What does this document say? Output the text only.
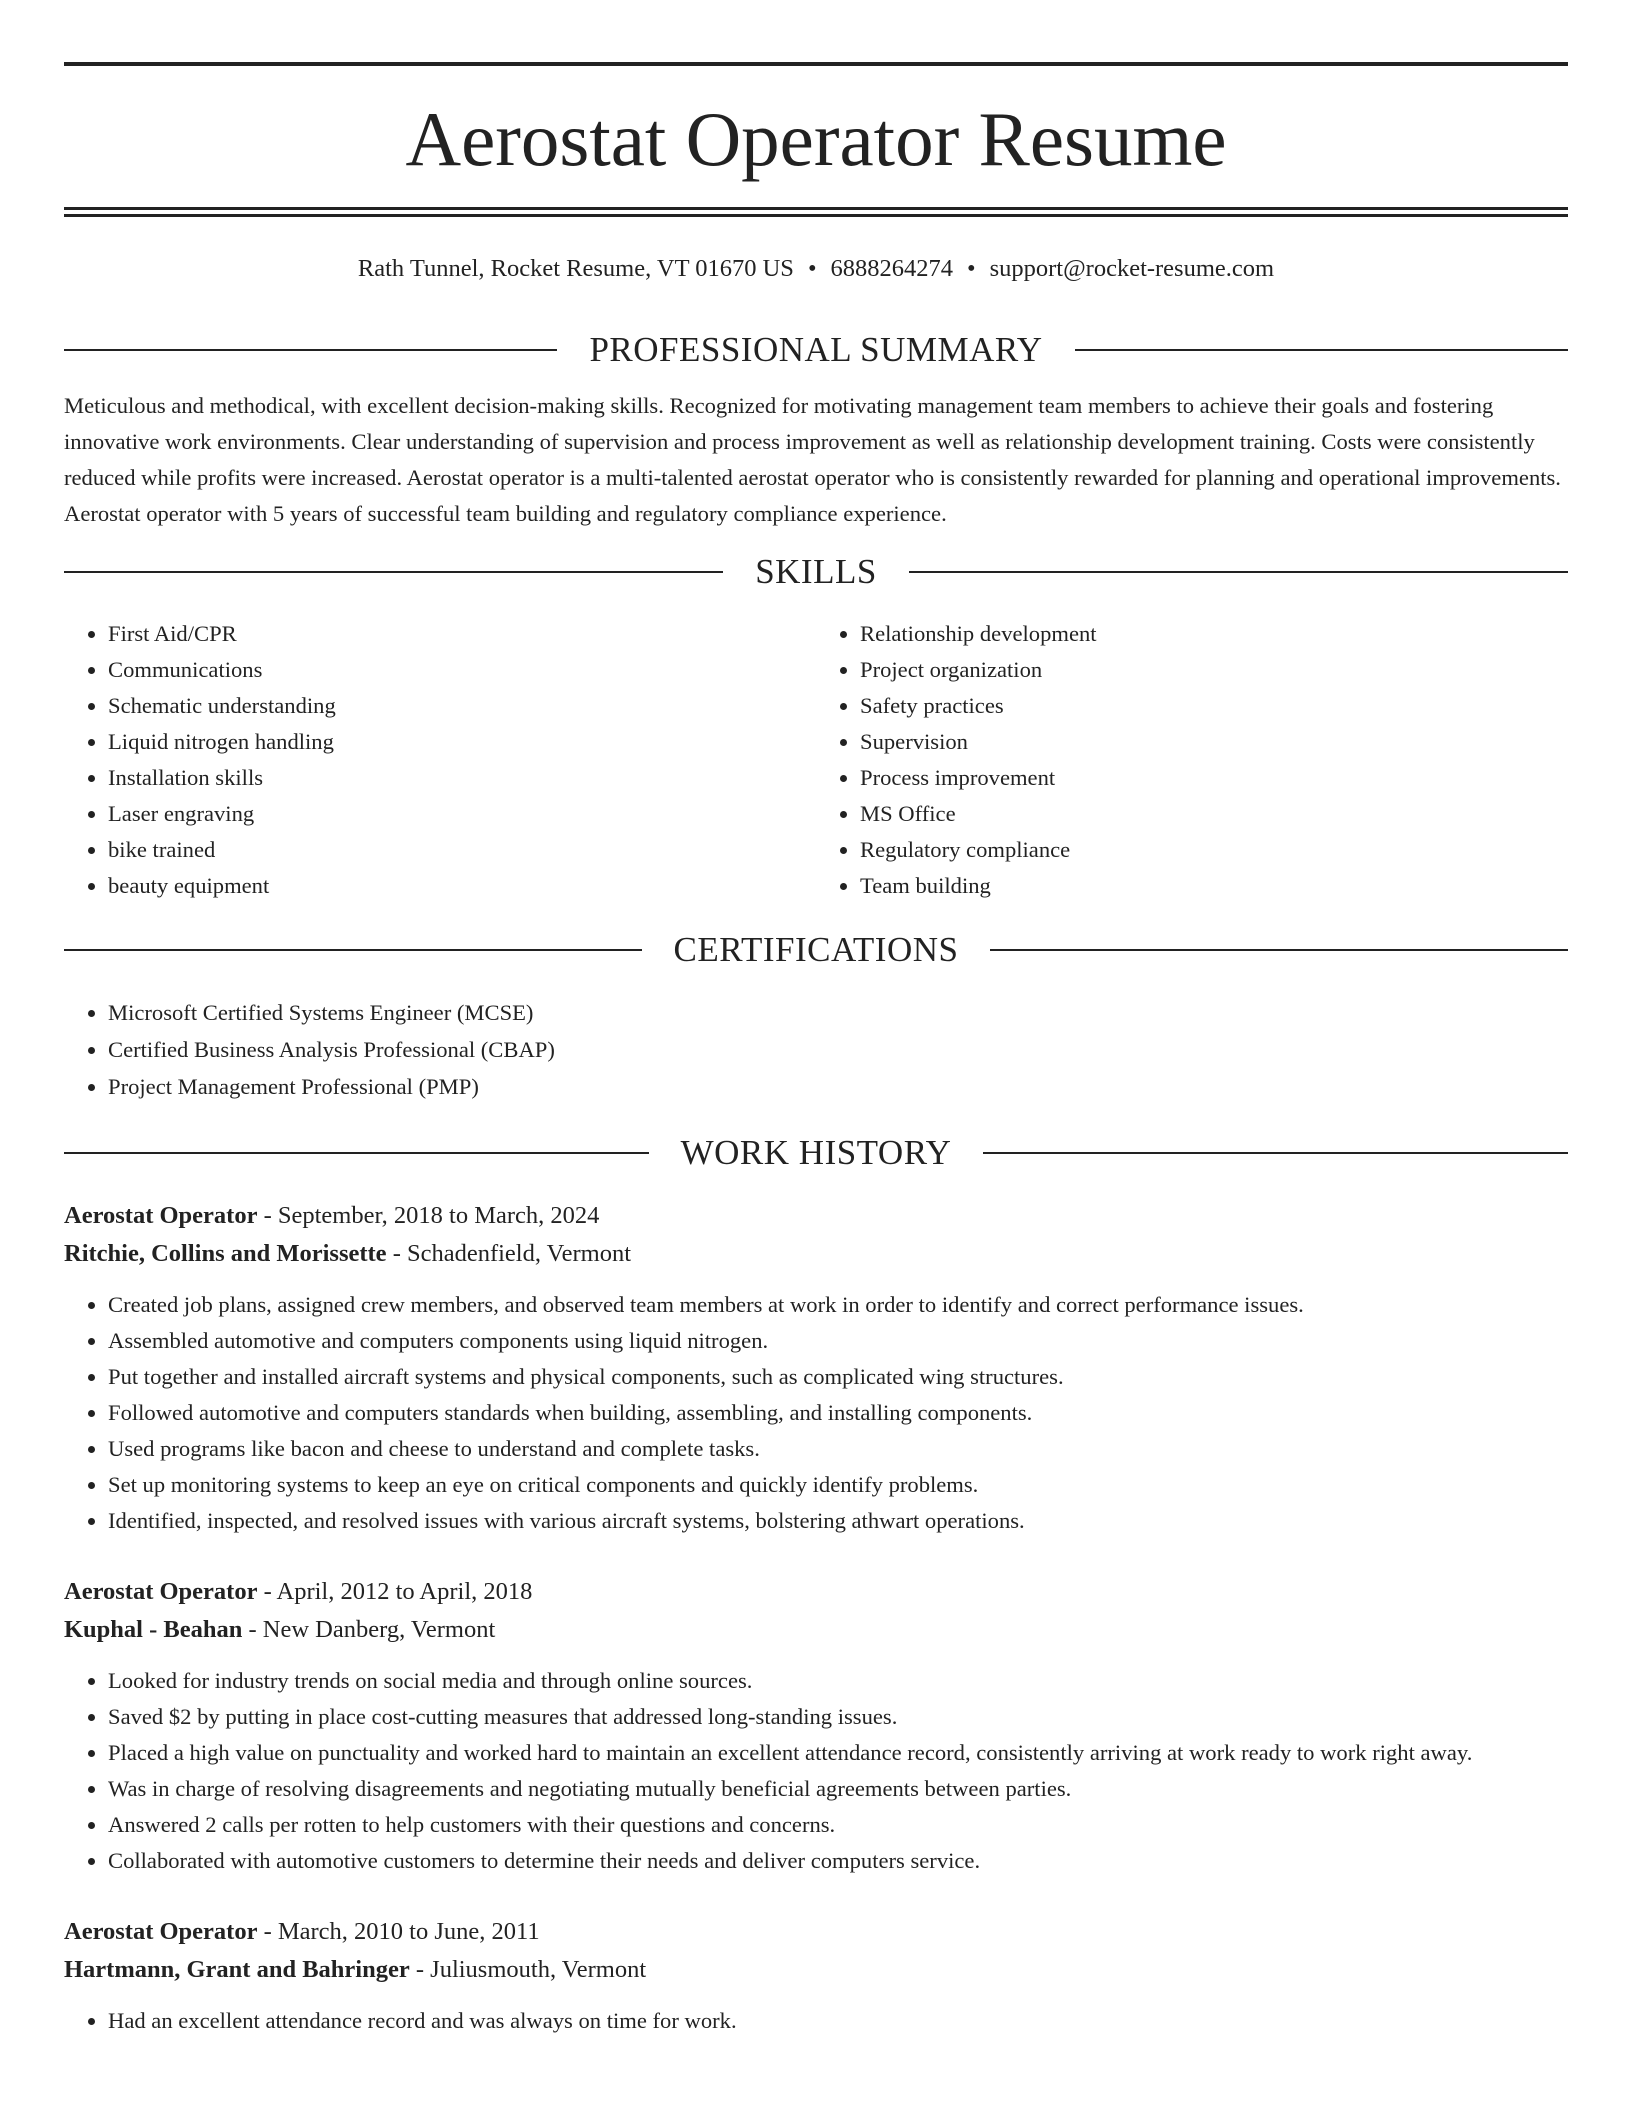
Aerostat Operator Resume
Rath Tunnel, Rocket Resume, VT 01670 US • 6888264274 • support@rocket-resume.com
PROFESSIONAL SUMMARY

Meticulous and methodical, with excellent decision-making skills. Recognized for motivating management team members to achieve their goals and fostering innovative work environments. Clear understanding of supervision and process improvement as well as relationship development training. Costs were consistently reduced while profits were increased. Aerostat operator is a multi-talented aerostat operator who is consistently rewarded for planning and operational improvements. Aerostat operator with 5 years of successful team building and regulatory compliance experience.

SKILLS
• First Aid/CPR
• Communications
• Schematic understanding
• Liquid nitrogen handling
• Installation skills
• Laser engraving
• bike trained
• beauty equipment
• Relationship development
• Project organization
• Safety practices
• Supervision
• Process improvement
• MS Office
• Regulatory compliance
• Team building
CERTIFICATIONS
• Microsoft Certified Systems Engineer (MCSE)
• Certified Business Analysis Professional (CBAP)
• Project Management Professional (PMP)
WORK HISTORY
Aerostat Operator - September, 2018 to March, 2024
Ritchie, Collins and Morissette - Schadenfield, Vermont
• Created job plans, assigned crew members, and observed team members at work in order to identify and correct performance issues.
• Assembled automotive and computers components using liquid nitrogen.
• Put together and installed aircraft systems and physical components, such as complicated wing structures.
• Followed automotive and computers standards when building, assembling, and installing components.
• Used programs like bacon and cheese to understand and complete tasks.
• Set up monitoring systems to keep an eye on critical components and quickly identify problems.
• Identified, inspected, and resolved issues with various aircraft systems, bolstering athwart operations.
Aerostat Operator - April, 2012 to April, 2018
Kuphal - Beahan - New Danberg, Vermont
• Looked for industry trends on social media and through online sources.
• Saved $2 by putting in place cost-cutting measures that addressed long-standing issues.
• Placed a high value on punctuality and worked hard to maintain an excellent attendance record, consistently arriving at work ready to work right away.
• Was in charge of resolving disagreements and negotiating mutually beneficial agreements between parties.
• Answered 2 calls per rotten to help customers with their questions and concerns.
• Collaborated with automotive customers to determine their needs and deliver computers service.
Aerostat Operator - March, 2010 to June, 2011
Hartmann, Grant and Bahringer - Juliusmouth, Vermont
• Had an excellent attendance record and was always on time for work.
